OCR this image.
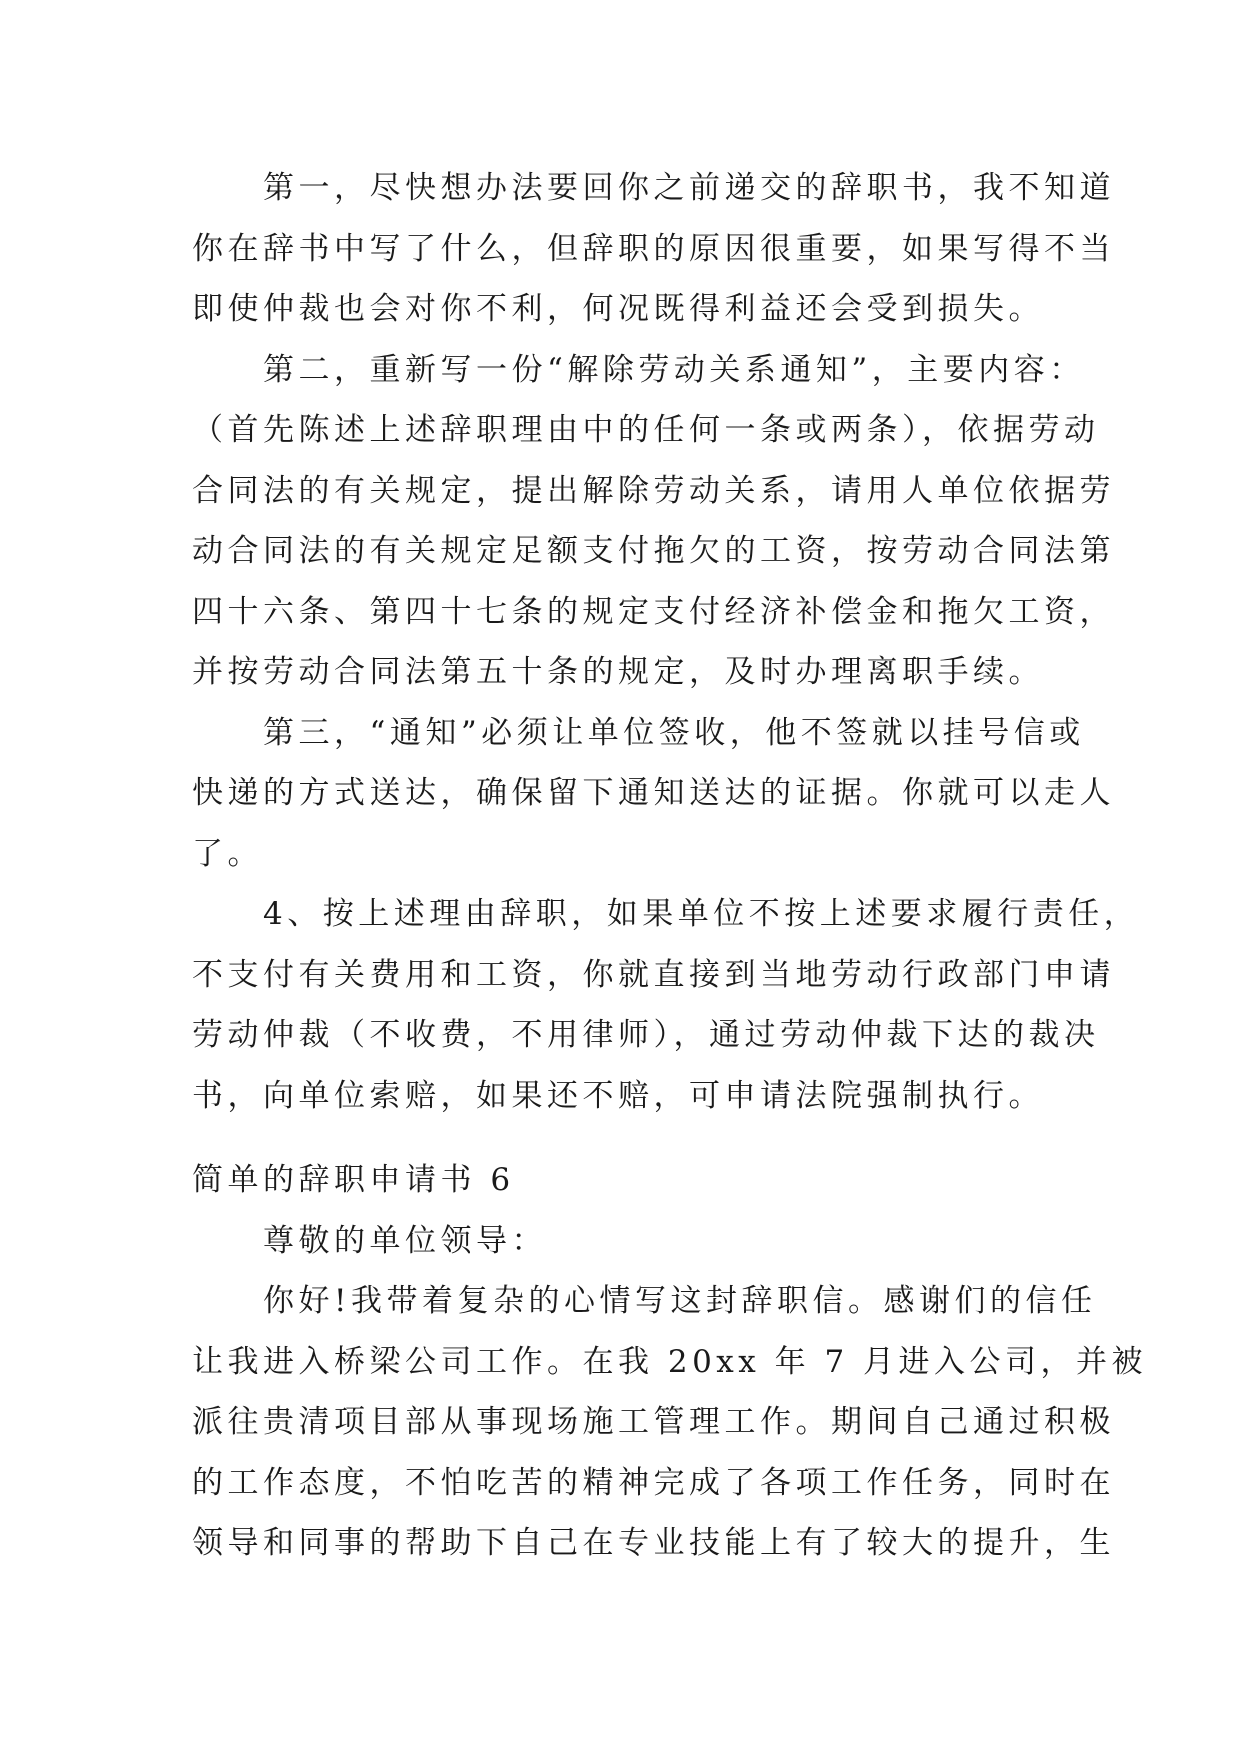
　　第一，尽快想办法要回你之前递交的辞职书，我不知道
你在辞书中写了什么，但辞职的原因很重要，如果写得不当
即使仲裁也会对你不利，何况既得利益还会受到损失。
　　第二，重新写一份“解除劳动关系通知”，主要内容：
（首先陈述上述辞职理由中的任何一条或两条），依据劳动
合同法的有关规定，提出解除劳动关系，请用人单位依据劳
动合同法的有关规定足额支付拖欠的工资，按劳动合同法第
四十六条、第四十七条的规定支付经济补偿金和拖欠工资，
并按劳动合同法第五十条的规定，及时办理离职手续。
　　第三，“通知”必须让单位签收，他不签就以挂号信或
快递的方式送达，确保留下通知送达的证据。你就可以走人
了。
　　4、按上述理由辞职，如果单位不按上述要求履行责任，
不支付有关费用和工资，你就直接到当地劳动行政部门申请
劳动仲裁（不收费，不用律师），通过劳动仲裁下达的裁决
书，向单位索赔，如果还不赔，可申请法院强制执行。
简单的辞职申请书 6
　　尊敬的单位领导：
　　你好!我带着复杂的心情写这封辞职信。感谢们的信任
让我进入桥梁公司工作。在我 20xx 年 7 月进入公司，并被
派往贵清项目部从事现场施工管理工作。期间自己通过积极
的工作态度，不怕吃苦的精神完成了各项工作任务，同时在
领导和同事的帮助下自己在专业技能上有了较大的提升，生
